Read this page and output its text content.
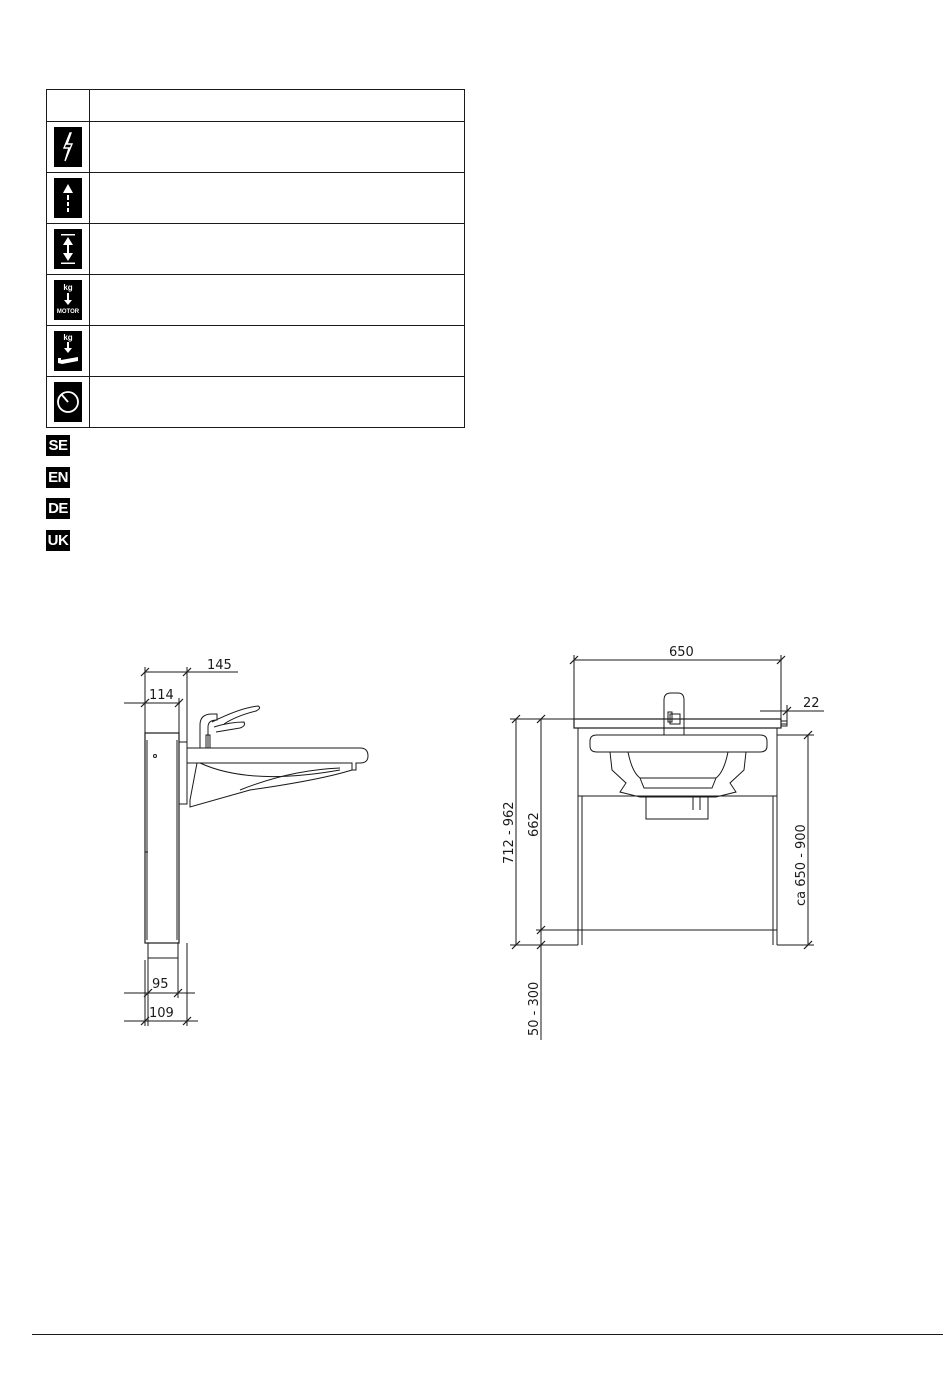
kg
MOTOR	

kg	

SE
EN
DE
UK
145
114
95
109
650
22
712 - 962 662	ca 650 - 900
50 - 300
